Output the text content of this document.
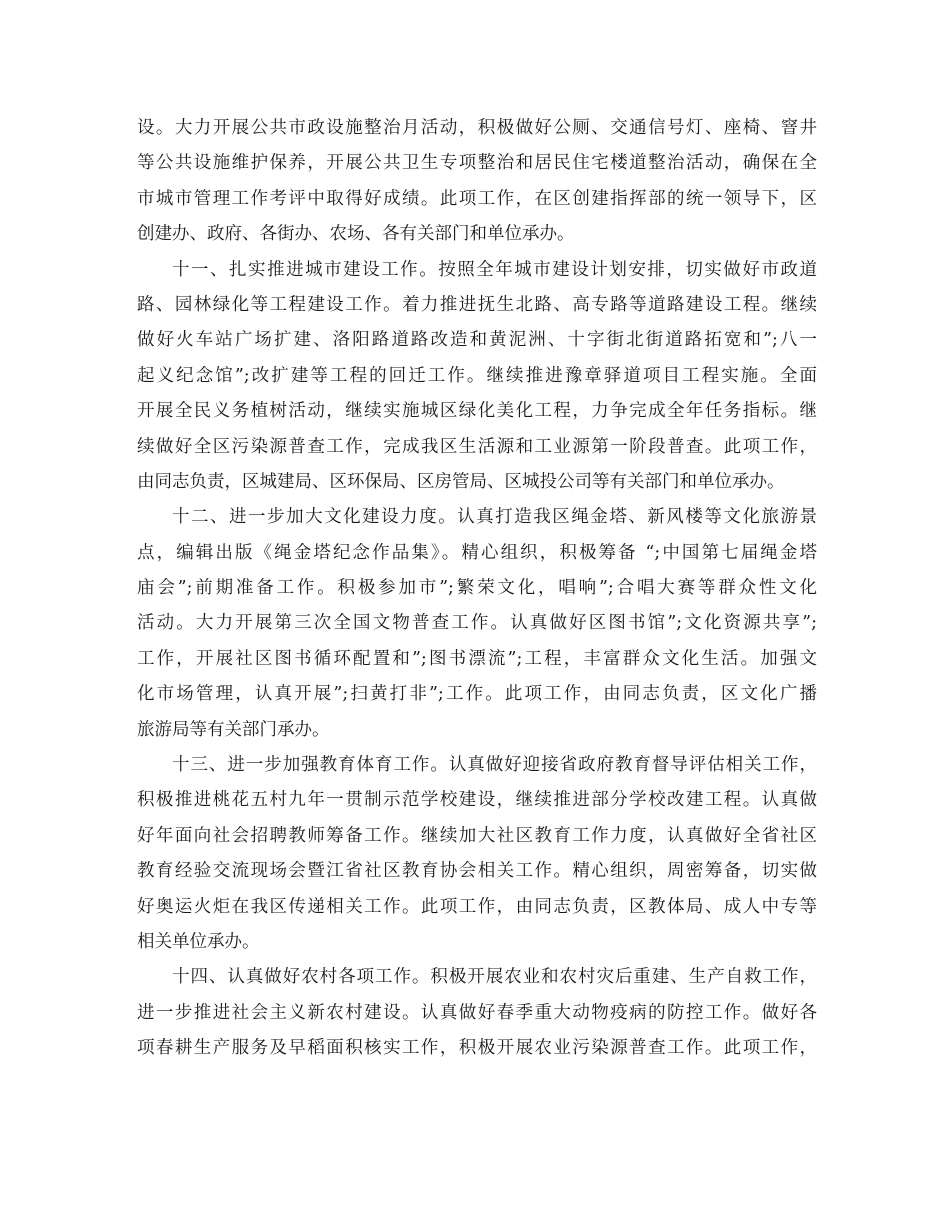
设。大力开展公共市政设施整治月活动，积极做好公厕、交通信号灯、座椅、窨井
等公共设施维护保养，开展公共卫生专项整治和居民住宅楼道整治活动，确保在全
市城市管理工作考评中取得好成绩。此项工作，在区创建指挥部的统一领导下，区
创建办、政府、各街办、农场、各有关部门和单位承办。
十一、扎实推进城市建设工作。按照全年城市建设计划安排，切实做好市政道
路、园林绿化等工程建设工作。着力推进抚生北路、高专路等道路建设工程。继续
做好火车站广场扩建、洛阳路道路改造和黄泥洲、十字街北街道路拓宽和”;八一
起义纪念馆”;改扩建等工程的回迁工作。继续推进豫章驿道项目工程实施。全面
开展全民义务植树活动，继续实施城区绿化美化工程，力争完成全年任务指标。继
续做好全区污染源普查工作，完成我区生活源和工业源第一阶段普查。此项工作，
由同志负责，区城建局、区环保局、区房管局、区城投公司等有关部门和单位承办。
十二、进一步加大文化建设力度。认真打造我区绳金塔、新风楼等文化旅游景
点，编辑出版《绳金塔纪念作品集》。精心组织，积极筹备 “;中国第七届绳金塔
庙会”;前期准备工作。积极参加市”;繁荣文化，唱响”;合唱大赛等群众性文化
活动。大力开展第三次全国文物普查工作。认真做好区图书馆”;文化资源共享”;
工作，开展社区图书循环配置和”;图书漂流”;工程，丰富群众文化生活。加强文
化市场管理，认真开展”;扫黄打非”;工作。此项工作，由同志负责，区文化广播
旅游局等有关部门承办。
十三、进一步加强教育体育工作。认真做好迎接省政府教育督导评估相关工作，
积极推进桃花五村九年一贯制示范学校建设，继续推进部分学校改建工程。认真做
好年面向社会招聘教师筹备工作。继续加大社区教育工作力度，认真做好全省社区
教育经验交流现场会暨江省社区教育协会相关工作。精心组织，周密筹备，切实做
好奥运火炬在我区传递相关工作。此项工作，由同志负责，区教体局、成人中专等
相关单位承办。
十四、认真做好农村各项工作。积极开展农业和农村灾后重建、生产自救工作，
进一步推进社会主义新农村建设。认真做好春季重大动物疫病的防控工作。做好各
项春耕生产服务及早稻面积核实工作，积极开展农业污染源普查工作。此项工作，
